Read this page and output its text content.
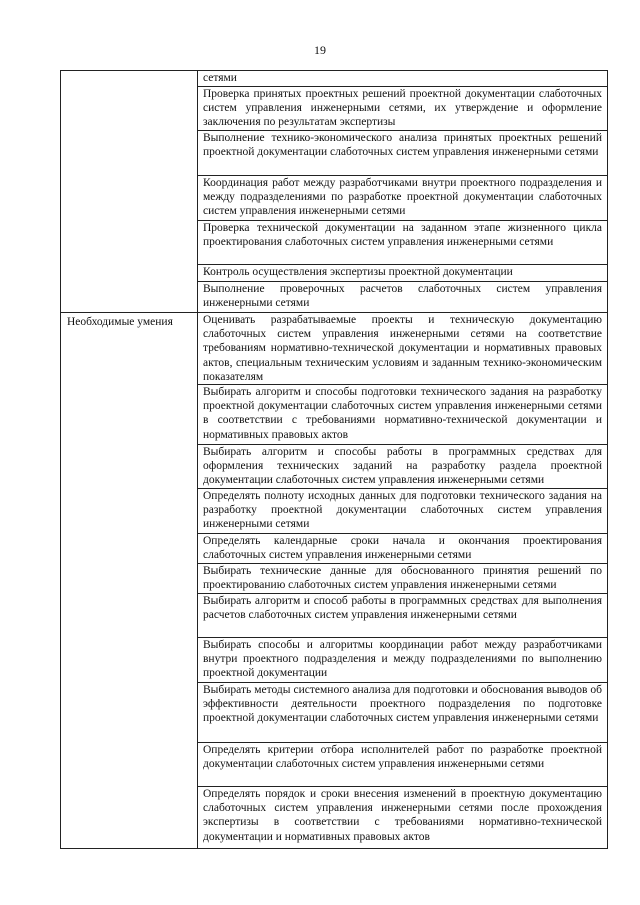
19
сетями
Проверка принятых проектных решений проектной документации слаботочных систем управления инженерными сетями, их утверждение и оформление заключения по результатам экспертизы
Выполнение технико-экономического анализа принятых проектных решений проектной документации слаботочных систем управления инженерными сетями
Координация работ между разработчиками внутри проектного подразделения и между подразделениями по разработке проектной документации слаботочных систем управления инженерными сетями
Проверка технической документации на заданном этапе жизненного цикла проектирования слаботочных систем управления инженерными сетями
Контроль осуществления экспертизы проектной документации
Выполнение проверочных расчетов слаботочных систем управления инженерными сетями
Необходимые умения	Оценивать разрабатываемые проекты и техническую документацию слаботочных систем управления инженерными сетями на соответствие требованиям нормативно-технической документации и нормативных правовых актов, специальным техническим условиям и заданным технико-экономическим показателям
Выбирать алгоритм и способы подготовки технического задания на разработку проектной документации слаботочных систем управления инженерными сетями в соответствии с требованиями нормативно-технической документации и нормативных правовых актов
Выбирать алгоритм и способы работы в программных средствах для оформления технических заданий на разработку раздела проектной документации слаботочных систем управления инженерными сетями
Определять полноту исходных данных для подготовки технического задания на разработку проектной документации слаботочных систем управления инженерными сетями
Определять календарные сроки начала и окончания проектирования слаботочных систем управления инженерными сетями
Выбирать технические данные для обоснованного принятия решений по проектированию слаботочных систем управления инженерными сетями
Выбирать алгоритм и способ работы в программных средствах для выполнения расчетов слаботочных систем управления инженерными сетями
Выбирать способы и алгоритмы координации работ между разработчиками внутри проектного подразделения и между подразделениями по выполнению проектной документации
Выбирать методы системного анализа для подготовки и обоснования выводов об эффективности деятельности проектного подразделения по подготовке проектной документации слаботочных систем управления инженерными сетями
Определять критерии отбора исполнителей работ по разработке проектной документации слаботочных систем управления инженерными сетями
Определять порядок и сроки внесения изменений в проектную документацию слаботочных систем управления инженерными сетями после прохождения экспертизы в соответствии с требованиями нормативно-технической документации и нормативных правовых актов
